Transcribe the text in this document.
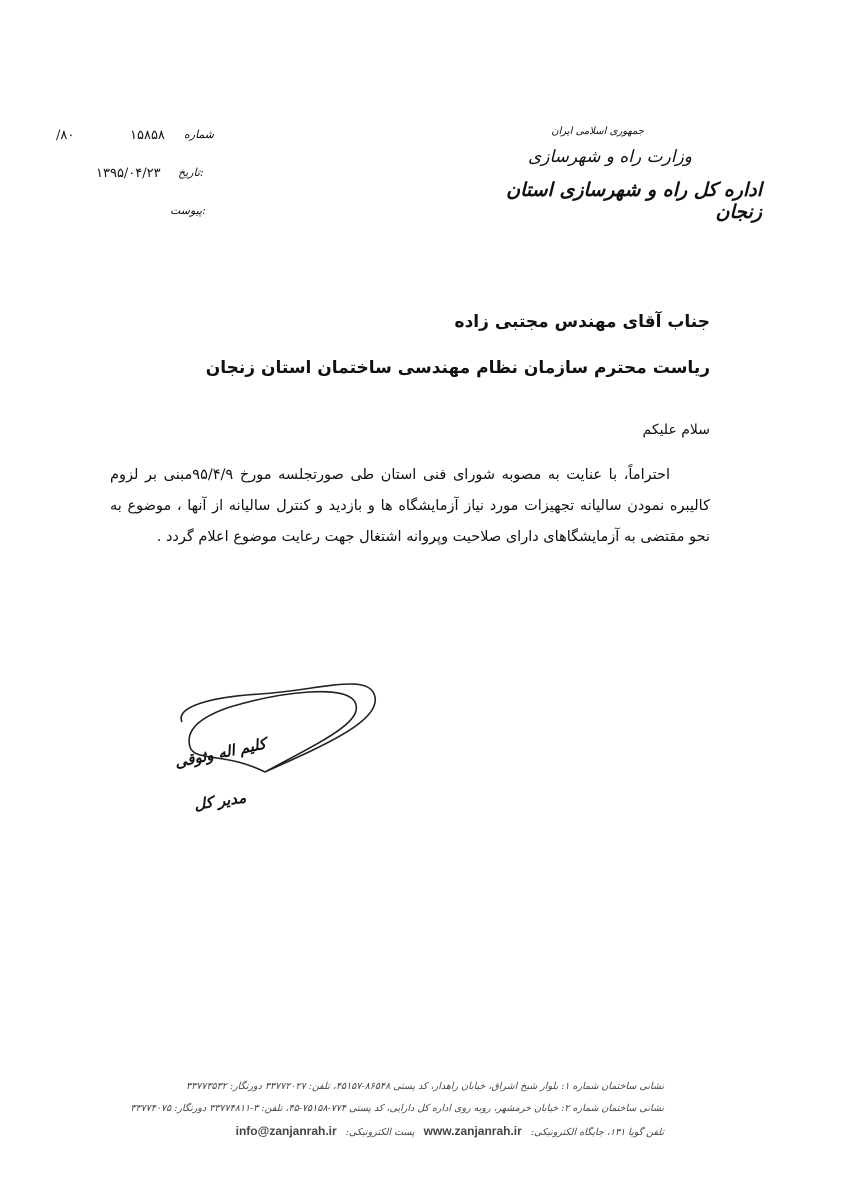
جمهوری اسلامی ایران
وزارت راه و شهرسازی
اداره کل راه و شهرسازی استان زنجان
/۸۰	۱۵۸۵۸ شماره
۱۳۹۵/۰۴/۲۳ تاریخ:
پیوست:
جناب آقای مهندس مجتبی زاده
ریاست محترم سازمان نظام مهندسی ساختمان استان زنجان
سلام علیکم
احتراماً، با عنایت به مصوبه شورای فنی استان طی صورتجلسه مورخ ۹۵/۴/۹مبنی بر لزوم کالیبره نمودن سالیانه تجهیزات مورد نیاز آزمایشگاه ها و بازدید و کنترل سالیانه از آنها ، موضوع به نحو مقتضی به آزمایشگاهای دارای صلاحیت وپروانه اشتغال جهت رعایت موضوع اعلام گردد .
کلیم اله وثوقی
مدیر کل
نشانی ساختمان شماره ۱: بلوار شیخ اشراق، خیابان راهدار، کد پستی ۸۶۵۴۸-۴۵۱۵۷، تلفن: ۳۳۷۷۲۰۲۷ دورنگار: ۳۳۷۷۳۵۳۲
نشانی ساختمان شماره ۲: خیابان خرمشهر، روبه روی اداره کل دارایی، کد پستی ۷۷۴-۷۵۱۵۸-۴۵، تلفن: ۳-۳۳۷۷۴۸۱۱ دورنگار: ۳۳۷۷۴۰۷۵
تلفن گویا ۱۳۱، جایگاه الکترونیکی: www.zanjanrah.ir پست الکترونیکی: info@zanjanrah.ir
